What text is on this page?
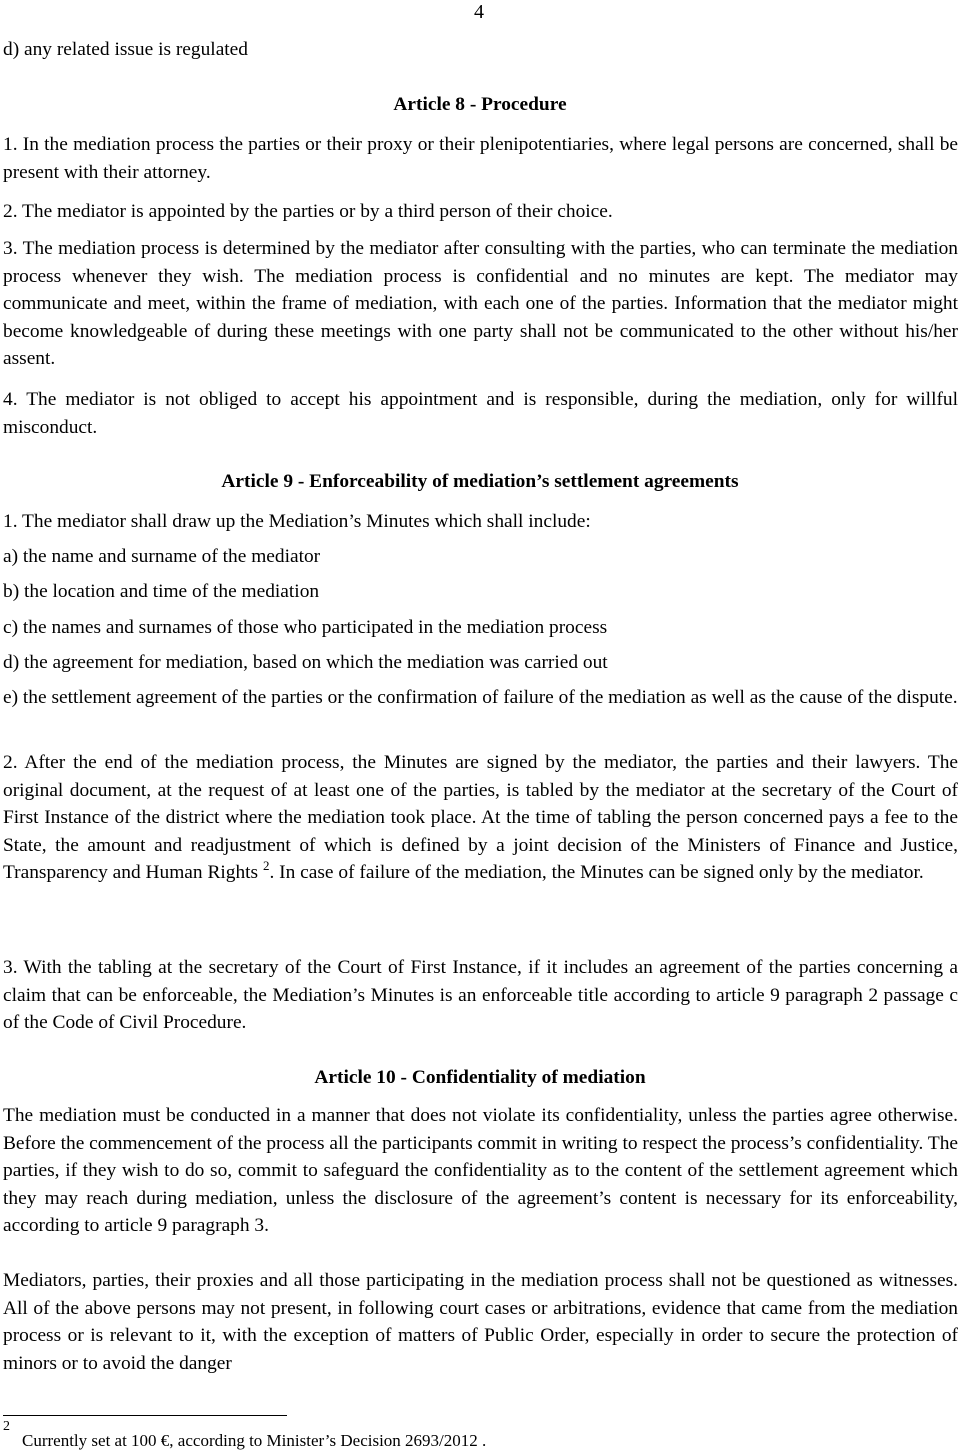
4

d) any related issue is regulated

Article 8 - Procedure

1. In the mediation process the parties or their proxy or their plenipotentiaries, where legal persons are concerned, shall be present with their attorney.

2. The mediator is appointed by the parties or by a third person of their choice.

3. The mediation process is determined by the mediator after consulting with the parties, who can terminate the mediation process whenever they wish. The mediation process is confidential and no minutes are kept. The mediator may communicate and meet, within the frame of mediation, with each one of the parties. Information that the mediator might become knowledgeable of during these meetings with one party shall not be communicated to the other without his/her assent.

4. The mediator is not obliged to accept his appointment and is responsible, during the mediation, only for willful misconduct.

Article 9 - Enforceability of mediation’s settlement agreements

1. The mediator shall draw up the Mediation’s Minutes which shall include:

a) the name and surname of the mediator

b) the location and time of the mediation

c) the names and surnames of those who participated in the mediation process

d) the agreement for mediation, based on which the mediation was carried out

e) the settlement agreement of the parties or the confirmation of failure of the mediation as well as the cause of the dispute.

2. After the end of the mediation process, the Minutes are signed by the mediator, the parties and their lawyers. The original document, at the request of at least one of the parties, is tabled by the mediator at the secretary of the Court of First Instance of the district where the mediation took place. At the time of tabling the person concerned pays a fee to the State, the amount and readjustment of which is defined by a joint decision of the Ministers of Finance and Justice, Transparency and Human Rights $^2$. In case of failure of the mediation, the Minutes can be signed only by the mediator.

3. With the tabling at the secretary of the Court of First Instance, if it includes an agreement of the parties concerning a claim that can be enforceable, the Mediation’s Minutes is an enforceable title according to article 9 paragraph 2 passage c of the Code of Civil Procedure.

Article 10 - Confidentiality of mediation

The mediation must be conducted in a manner that does not violate its confidentiality, unless the parties agree otherwise. Before the commencement of the process all the participants commit in writing to respect the process’s confidentiality. The parties, if they wish to do so, commit to safeguard the confidentiality as to the content of the settlement agreement which they may reach during mediation, unless the disclosure of the agreement’s content is necessary for its enforceability, according to article 9 paragraph 3.

Mediators, parties, their proxies and all those participating in the mediation process shall not be questioned as witnesses. All of the above persons may not present, in following court cases or arbitrations, evidence that came from the mediation process or is relevant to it, with the exception of matters of Public Order, especially in order to secure the protection of minors or to avoid the danger

2
Currently set at 100 €, according to Minister’s Decision 2693/2012 .
